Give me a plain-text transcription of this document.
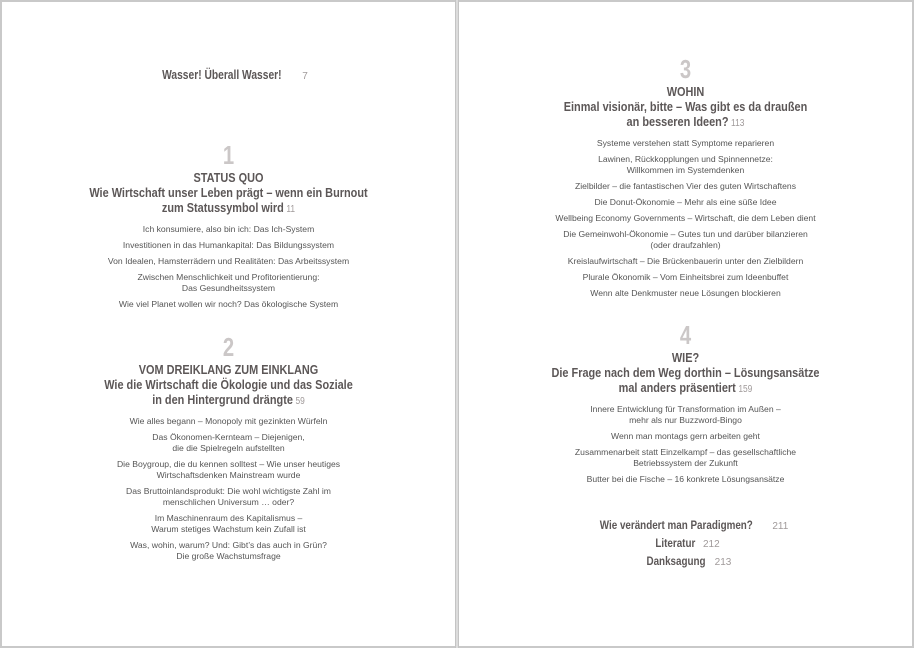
Wasser! Überall Wasser! 7
1
STATUS QUO
Wie Wirtschaft unser Leben prägt – wenn ein Burnout
zum Statussymbol wird 11
Ich konsumiere, also bin ich: Das Ich-System
Investitionen in das Humankapital: Das Bildungssystem
Von Idealen, Hamsterrädern und Realitäten: Das Arbeitssystem
Zwischen Menschlichkeit und Profitorientierung:
Das Gesundheitssystem
Wie viel Planet wollen wir noch? Das ökologische System
2
VOM DREIKLANG ZUM EINKLANG
Wie die Wirtschaft die Ökologie und das Soziale
in den Hintergrund drängte 59
Wie alles begann – Monopoly mit gezinkten Würfeln
Das Ökonomen-Kernteam – Diejenigen,
die die Spielregeln aufstellten
Die Boygroup, die du kennen solltest – Wie unser heutiges
Wirtschaftsdenken Mainstream wurde
Das Bruttoinlandsprodukt: Die wohl wichtigste Zahl im
menschlichen Universum … oder?
Im Maschinenraum des Kapitalismus –
Warum stetiges Wachstum kein Zufall ist
Was, wohin, warum? Und: Gibt’s das auch in Grün?
Die große Wachstumsfrage
3
WOHIN
Einmal visionär, bitte – Was gibt es da draußen
an besseren Ideen? 113
Systeme verstehen statt Symptome reparieren
Lawinen, Rückkopplungen und Spinnennetze:
Willkommen im Systemdenken
Zielbilder – die fantastischen Vier des guten Wirtschaftens
Die Donut-Ökonomie – Mehr als eine süße Idee
Wellbeing Economy Governments – Wirtschaft, die dem Leben dient
Die Gemeinwohl-Ökonomie – Gutes tun und darüber bilanzieren
(oder draufzahlen)
Kreislaufwirtschaft – Die Brückenbauerin unter den Zielbildern
Plurale Ökonomik – Vom Einheitsbrei zum Ideenbuffet
Wenn alte Denkmuster neue Lösungen blockieren
4
WIE?
Die Frage nach dem Weg dorthin – Lösungsansätze
mal anders präsentiert 159
Innere Entwicklung für Transformation im Außen –
mehr als nur Buzzword-Bingo
Wenn man montags gern arbeiten geht
Zusammenarbeit statt Einzelkampf – das gesellschaftliche
Betriebssystem der Zukunft
Butter bei die Fische – 16 konkrete Lösungsansätze
Wie verändert man Paradigmen? 211
Literatur 212
Danksagung 213
